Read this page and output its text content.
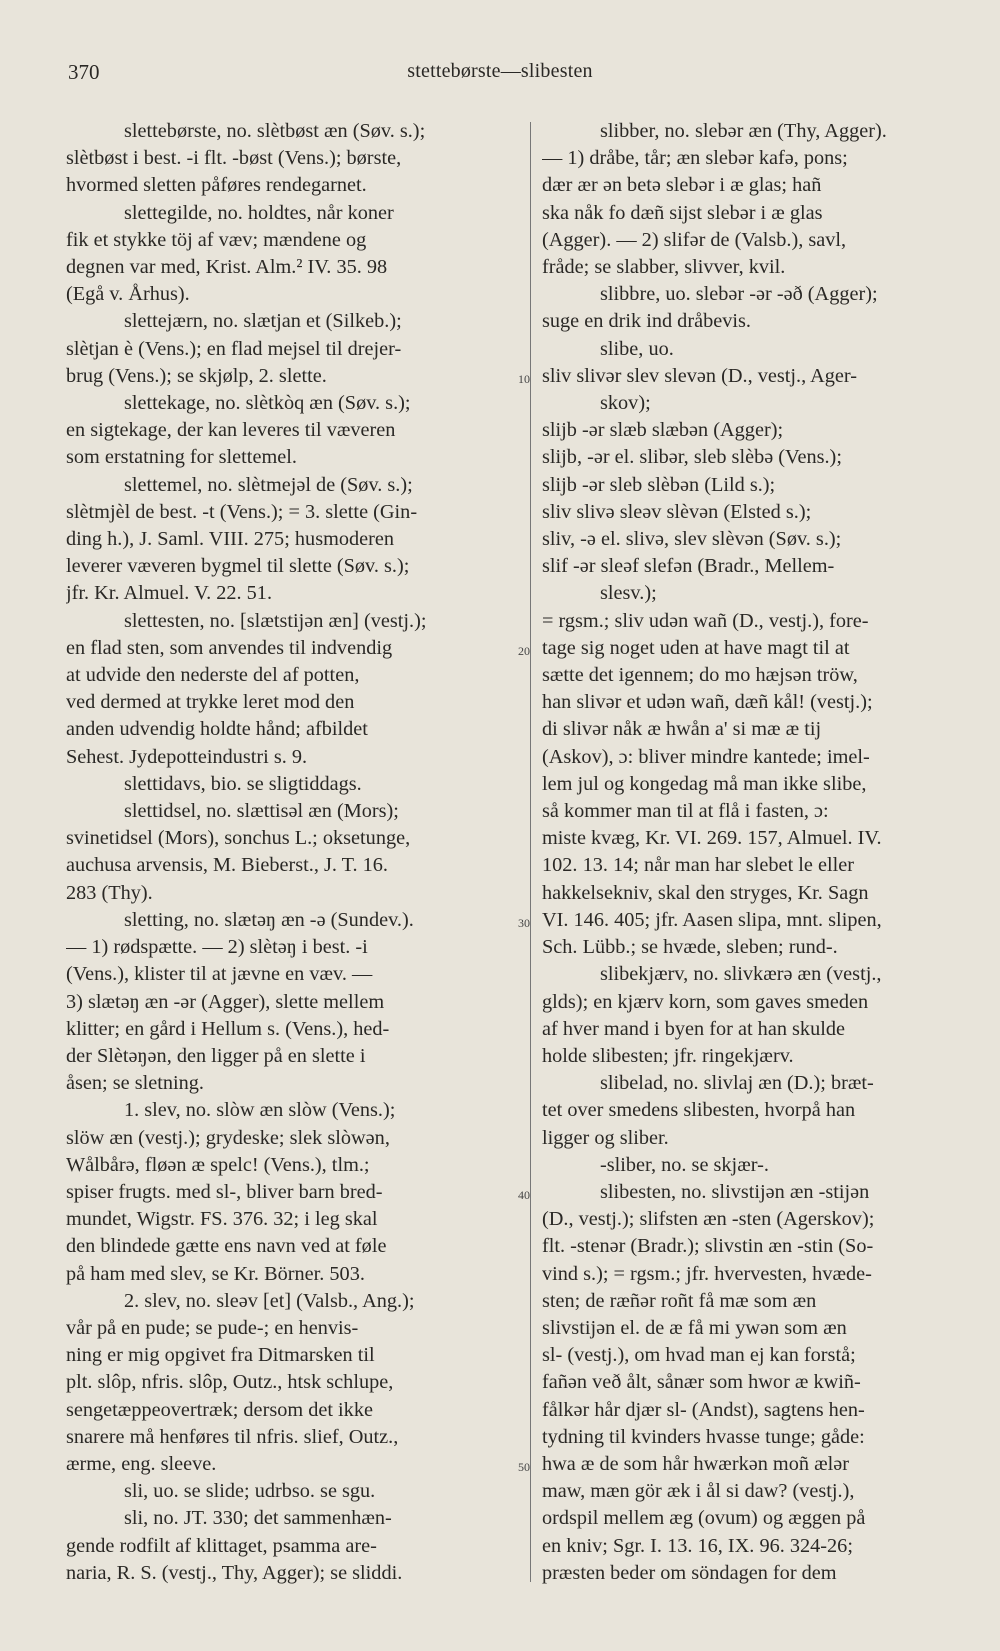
370	stettebørste—slibesten
slettebørste, no. slètbøst æn (Søv. s.);
slètbøst i best. -i flt. -bøst (Vens.); børste,
hvormed sletten påføres rendegarnet.
slettegilde, no. holdtes, når koner
fik et stykke töj af væv; mændene og
degnen var med, Krist. Alm.² IV. 35. 98
(Egå v. Århus).
slettejærn, no. slætjan et (Silkeb.);
slètjan è (Vens.); en flad mejsel til drejer-
brug (Vens.); se skjølp, 2. slette.
slettekage, no. slètkòq æn (Søv. s.);
en sigtekage, der kan leveres til væveren
som erstatning for slettemel.
slettemel, no. slètmejəl de (Søv. s.);
slètmjèl de best. -t (Vens.); = 3. slette (Gin-
ding h.), J. Saml. VIII. 275; husmoderen
leverer væveren bygmel til slette (Søv. s.);
jfr. Kr. Almuel. V. 22. 51.
slettesten, no. [slætstijən æn] (vestj.);
en flad sten, som anvendes til indvendig
at udvide den nederste del af potten,
ved dermed at trykke leret mod den
anden udvendig holdte hånd; afbildet
Sehest. Jydepotteindustri s. 9.
slettidavs, bio. se sligtiddags.
slettidsel, no. slættisəl æn (Mors);
svinetidsel (Mors), sonchus L.; oksetunge,
auchusa arvensis, M. Bieberst., J. T. 16.
283 (Thy).
sletting, no. slætəŋ æn -ə (Sundev.).
— 1) rødspætte. — 2) slètəŋ i best. -i
(Vens.), klister til at jævne en væv. —
3) slætəŋ æn -ər (Agger), slette mellem
klitter; en gård i Hellum s. (Vens.), hed-
der Slètəŋən, den ligger på en slette i
åsen; se sletning.
1. slev, no. slòw æn slòw (Vens.);
slöw æn (vestj.); grydeske; slek slòwən,
Wålbårə, fløən æ spelc! (Vens.), tlm.;
spiser frugts. med sl-, bliver barn bred-
mundet, Wigstr. FS. 376. 32; i leg skal
den blindede gætte ens navn ved at føle
på ham med slev, se Kr. Börner. 503.
2. slev, no. sleəv [et] (Valsb., Ang.);
vår på en pude; se pude-; en henvis-
ning er mig opgivet fra Ditmarsken til
plt. slôp, nfris. slôp, Outz., htsk schlupe,
sengetæppeovertræk; dersom det ikke
snarere må henføres til nfris. slief, Outz.,
ærme, eng. sleeve.
sli, uo. se slide; udrbso. se sgu.
sli, no. JT. 330; det sammenhæn-
gende rodfilt af klittaget, psamma are-
naria, R. S. (vestj., Thy, Agger); se sliddi.
slibber, no. slebər æn (Thy, Agger).
— 1) dråbe, tår; æn slebər kafə, pons;
dær ær ən betə slebər i æ glas; hañ
ska nåk fo dæñ sijst slebər i æ glas
(Agger). — 2) slifər de (Valsb.), savl,
fråde; se slabber, slivver, kvil.
slibbre, uo. slebər -ər -əð (Agger);
suge en drik ind dråbevis.
slibe, uo.
sliv slivər slev slevən (D., vestj., Ager-
skov);
slijb -ər slæb slæbən (Agger);
slijb, -ər el. slibər, sleb slèbə (Vens.);
slijb -ər sleb slèbən (Lild s.);
sliv slivə sleəv slèvən (Elsted s.);
sliv, -ə el. slivə, slev slèvən (Søv. s.);
slif -ər sleəf slefən (Bradr., Mellem-
slesv.);
= rgsm.; sliv udən wañ (D., vestj.), fore-
tage sig noget uden at have magt til at
sætte det igennem; do mo hæjsən tröw,
han slivər et udən wañ, dæñ kål! (vestj.);
di slivər nåk æ hwån a' si mæ æ tij
(Askov), ɔ: bliver mindre kantede; imel-
lem jul og kongedag må man ikke slibe,
så kommer man til at flå i fasten, ɔ:
miste kvæg, Kr. VI. 269. 157, Almuel. IV.
102. 13. 14; når man har slebet le eller
hakkelsekniv, skal den stryges, Kr. Sagn
VI. 146. 405; jfr. Aasen slipa, mnt. slipen,
Sch. Lübb.; se hvæde, sleben; rund-.
slibekjærv, no. slivkærə æn (vestj.,
glds); en kjærv korn, som gaves smeden
af hver mand i byen for at han skulde
holde slibesten; jfr. ringekjærv.
slibelad, no. slivlaj æn (D.); bræt-
tet over smedens slibesten, hvorpå han
ligger og sliber.
-sliber, no. se skjær-.
slibesten, no. slivstijən æn -stijən
(D., vestj.); slifsten æn -sten (Agerskov);
flt. -stenər (Bradr.); slivstin æn -stin (So-
vind s.); = rgsm.; jfr. hvervesten, hvæde-
sten; de ræñər roñt få mæ som æn
slivstijən el. de æ få mi ywən som æn
sl- (vestj.), om hvad man ej kan forstå;
fañən veð ålt, sånær som hwor æ kwiñ-
fålkər hår djær sl- (Andst), sagtens hen-
tydning til kvinders hvasse tunge; gåde:
hwa æ de som hår hwærkən moñ ælər
maw, mæn gör æk i ål si daw? (vestj.),
ordspil mellem æg (ovum) og æggen på
en kniv; Sgr. I. 13. 16, IX. 96. 324-26;
præsten beder om söndagen for dem
10
20
30
40
50
